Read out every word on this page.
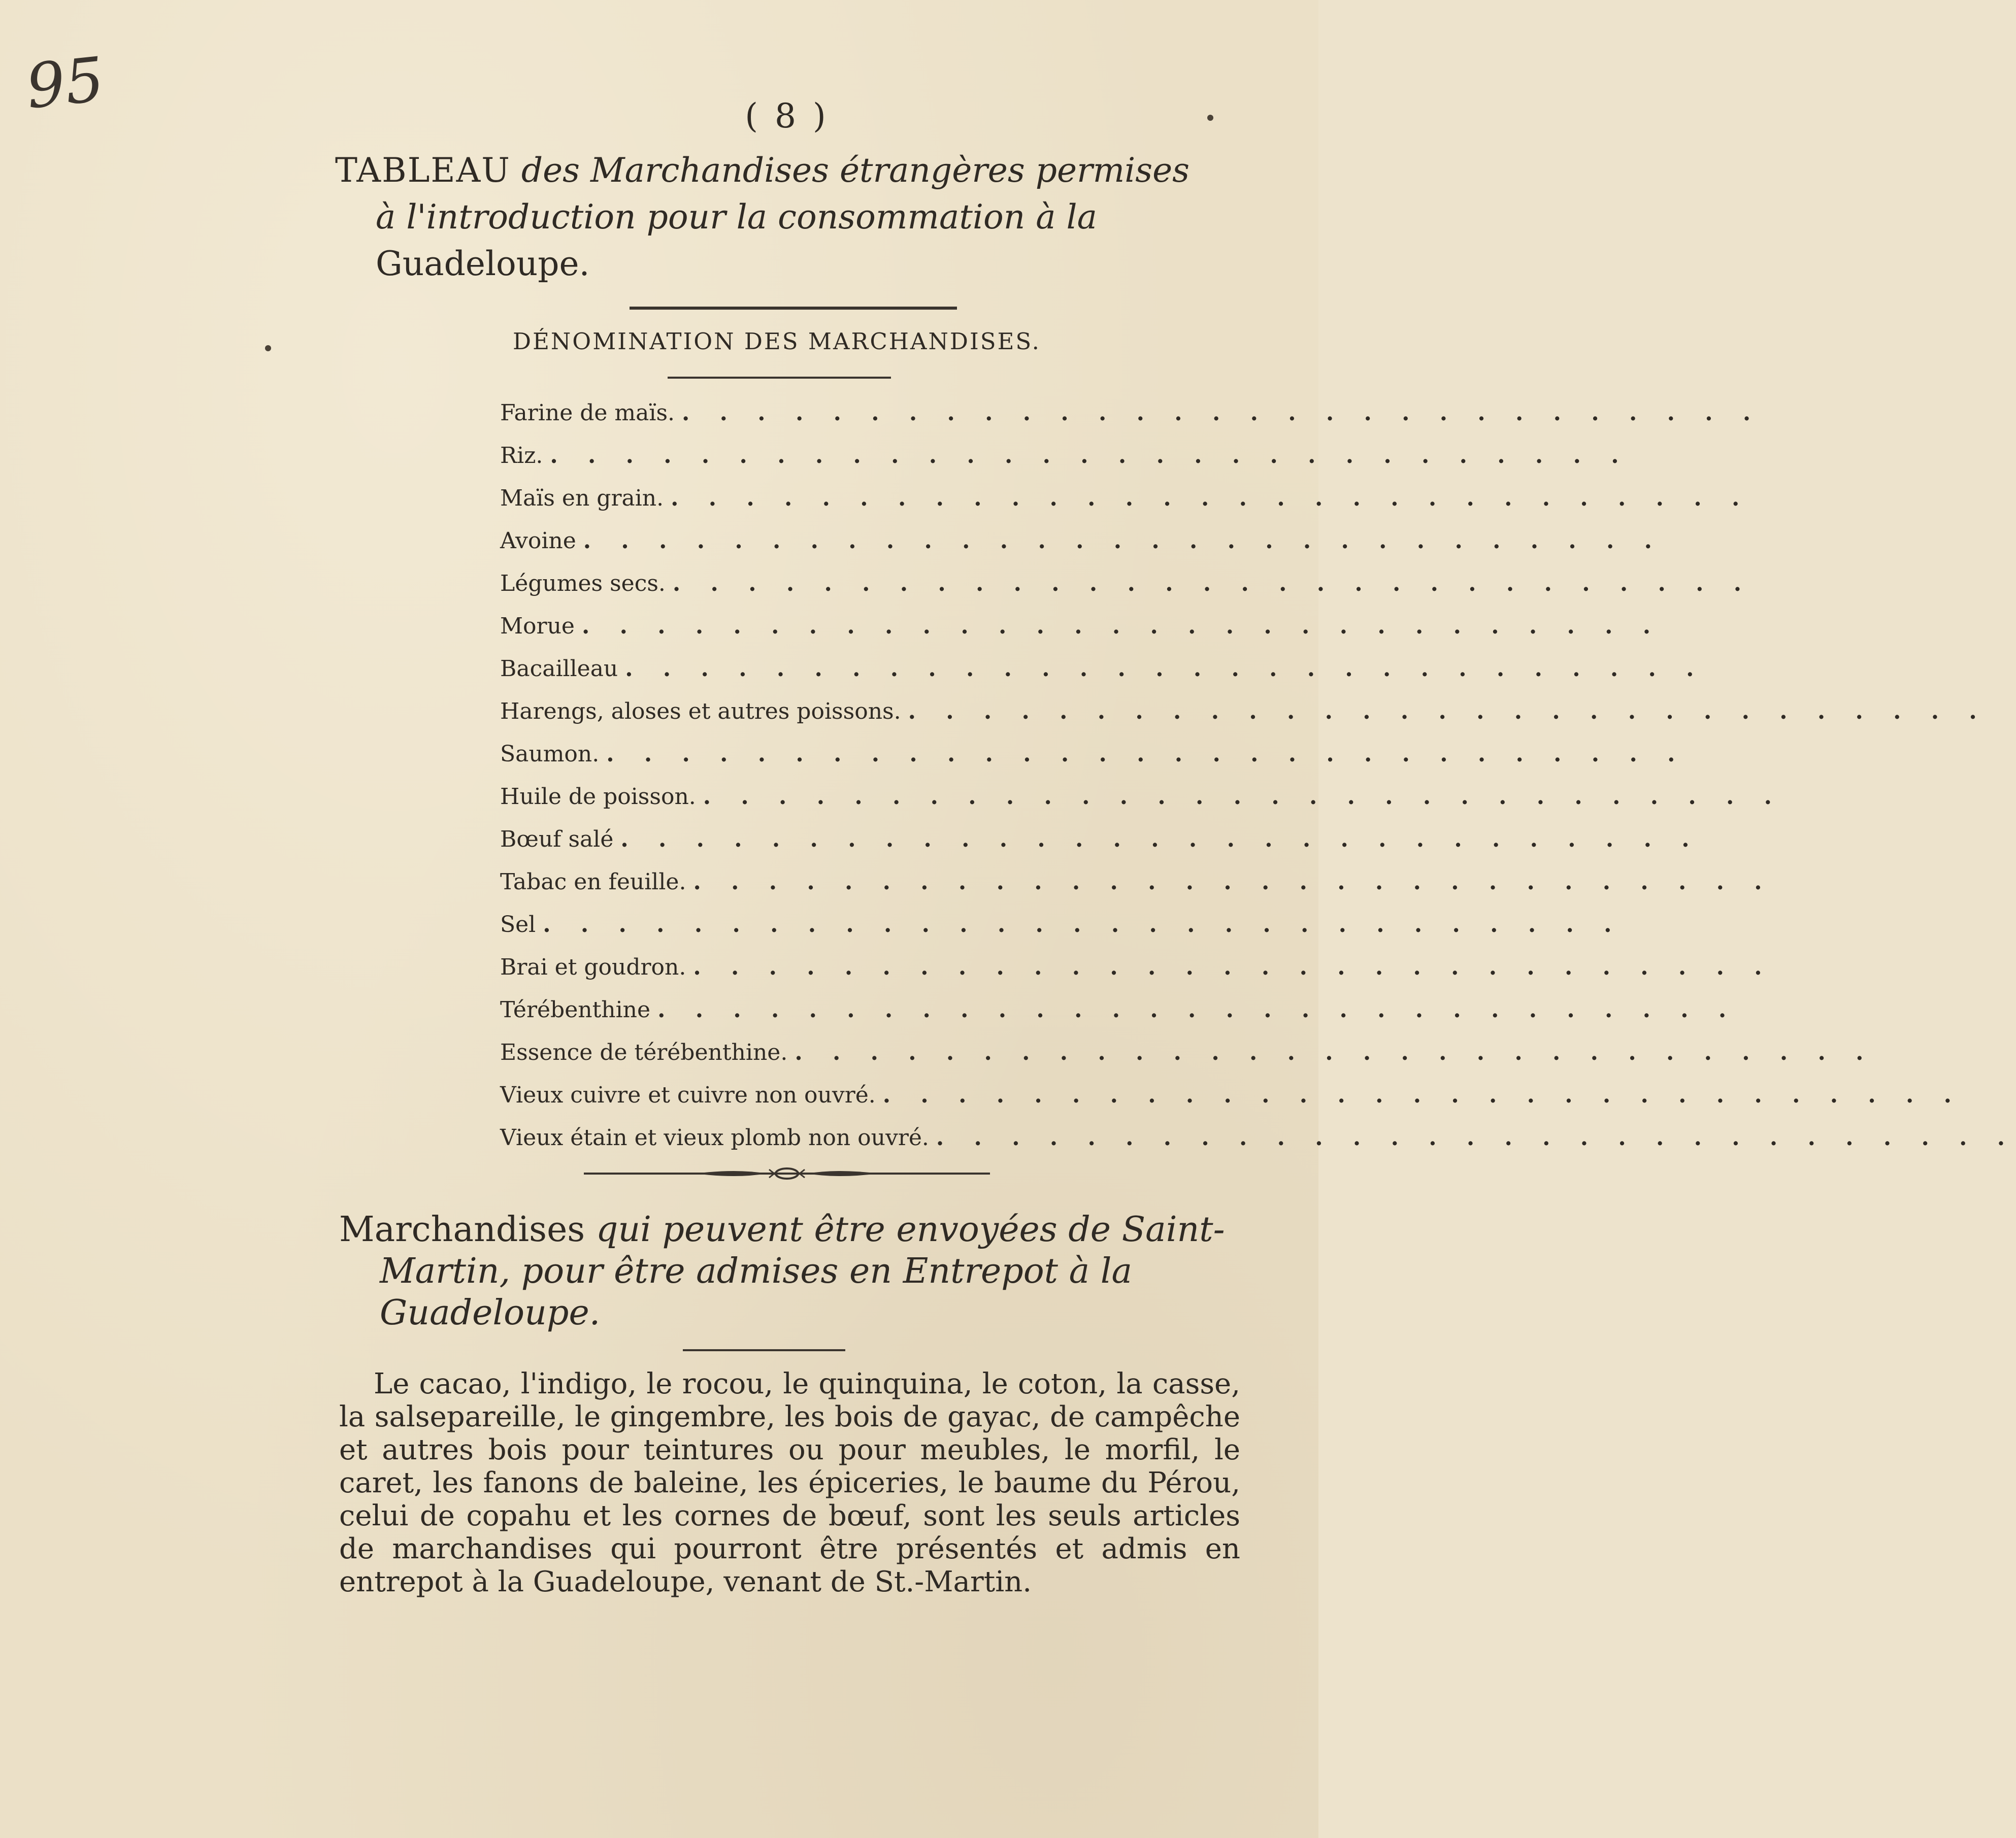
95	( 8 )
TABLEAU des Marchandises étrangères permises
à l'introduction pour la consommation à la
Guadeloupe.
DÉNOMINATION DES MARCHANDISES.
Farine de maïs. . . . . . . . . . . . . . . . . . . . . . . . . . . . . .
Riz. . . . . . . . . . . . . . . . . . . . . . . . . . . . . .
Maïs en grain. . . . . . . . . . . . . . . . . . . . . . . . . . . . . .
Avoine . . . . . . . . . . . . . . . . . . . . . . . . . . . . .
Légumes secs. . . . . . . . . . . . . . . . . . . . . . . . . . . . . .
Morue . . . . . . . . . . . . . . . . . . . . . . . . . . . . .
Bacailleau . . . . . . . . . . . . . . . . . . . . . . . . . . . . .
Harengs, aloses et autres poissons. . . . . . . . . . . . . . . . . . . . . . . . . . . . . .
Saumon. . . . . . . . . . . . . . . . . . . . . . . . . . . . . .
Huile de poisson. . . . . . . . . . . . . . . . . . . . . . . . . . . . . .
Bœuf salé . . . . . . . . . . . . . . . . . . . . . . . . . . . . .
Tabac en feuille. . . . . . . . . . . . . . . . . . . . . . . . . . . . . .
Sel . . . . . . . . . . . . . . . . . . . . . . . . . . . . .
Brai et goudron. . . . . . . . . . . . . . . . . . . . . . . . . . . . . .
Térébenthine . . . . . . . . . . . . . . . . . . . . . . . . . . . . .
Essence de térébenthine. . . . . . . . . . . . . . . . . . . . . . . . . . . . . .
Vieux cuivre et cuivre non ouvré. . . . . . . . . . . . . . . . . . . . . . . . . . . . . .
Vieux étain et vieux plomb non ouvré. . . . . . . . . . . . . . . . . . . . . . . . . . . . . .
Marchandises qui peuvent être envoyées de Saint-
Martin, pour être admises en Entrepot à la
Guadeloupe.

Le cacao, l'indigo, le rocou, le quinquina, le coton, la casse, la salsepareille, le gingembre, les bois de gayac, de campêche et autres bois pour teintures ou pour meubles, le morfil, le caret, les fanons de baleine, les épiceries, le baume du Pérou, celui de copahu et les cornes de bœuf, sont les seuls articles de marchandises qui pourront être présentés et admis en entrepot à la Guadeloupe, venant de St.-Martin.
